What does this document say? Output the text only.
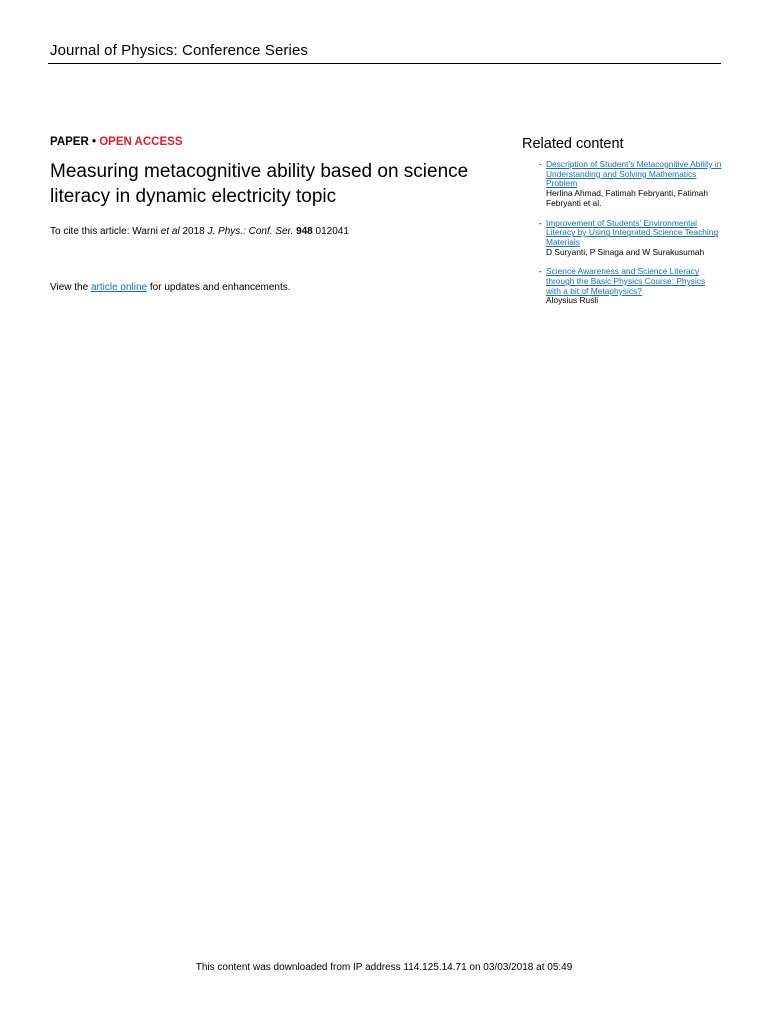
Journal of Physics: Conference Series
PAPER • OPEN ACCESS
Measuring metacognitive ability based on science literacy in dynamic electricity topic
To cite this article: Warni et al 2018 J. Phys.: Conf. Ser. 948 012041
View the article online for updates and enhancements.
Related content
- Description of Student’s Metacognitive Ability in Understanding and Solving Mathematics Problem
Herlina Ahmad, Fatimah Febryanti, Fatimah Febryanti et al.
- Improvement of Students’ Environmental Literacy by Using Integrated Science Teaching Materials
D Suryanti, P Sinaga and W Surakusumah
- Science Awareness and Science Literacy through the Basic Physics Course: Physics with a bit of Metaphysics?
Aloysius Rusli
This content was downloaded from IP address 114.125.14.71 on 03/03/2018 at 05:49
